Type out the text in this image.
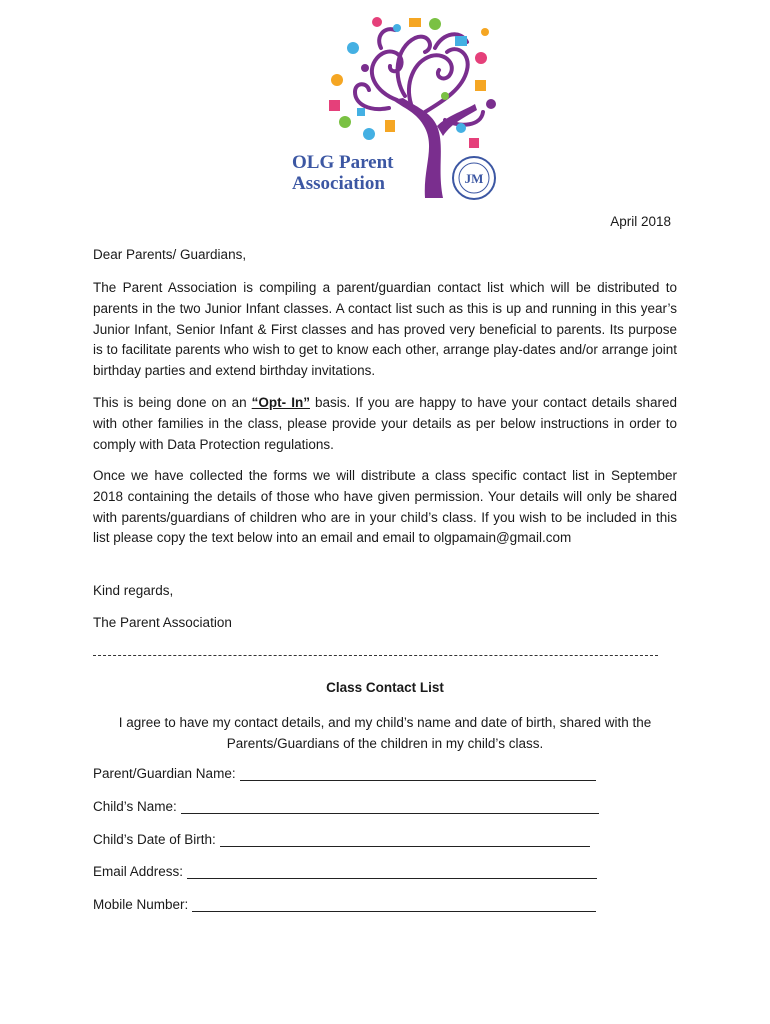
OLG Parent
Association	JM
April 2018

Dear Parents/ Guardians,

The Parent Association is compiling a parent/guardian contact list which will be distributed to parents in the two Junior Infant classes. A contact list such as this is up and running in this year’s Junior Infant, Senior Infant & First classes and has proved very beneficial to parents. Its purpose is to facilitate parents who wish to get to know each other, arrange play-dates and/or arrange joint birthday parties and extend birthday invitations.

This is being done on an “Opt- In” basis. If you are happy to have your contact details shared with other families in the class, please provide your details as per below instructions in order to comply with Data Protection regulations.

Once we have collected the forms we will distribute a class specific contact list in September 2018 containing the details of those who have given permission. Your details will only be shared with parents/guardians of children who are in your child’s class. If you wish to be included in this list please copy the text below into an email and email to olgpamain@gmail.com

Kind regards,

The Parent Association

Class Contact List
I agree to have my contact details, and my child’s name and date of birth, shared with the Parents/Guardians of the children in my child’s class.
Parent/Guardian Name:
Child’s Name:
Child’s Date of Birth:
Email Address:
Mobile Number:
